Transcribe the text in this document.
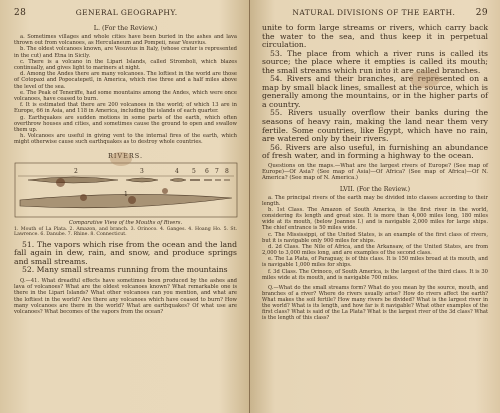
28	GENERAL GEOGRAPHY.
L. (For the Review.)

a. Sometimes villages and whole cities have been buried in the ashes and lava thrown out from volcanoes, as Herculaneum and Pompeii, near Vesuvius.

b. The oldest volcanoes known, are Vesuvius in Italy, (whose crater is represented in the cut) and Etna in Sicily.

c. There is a volcano in the Lipari Islands, called Stromboli, which blazes continually, and gives light to mariners at night.

d. Among the Andes there are many volcanoes. The loftiest in the world are those of Cotopaxi and Popocatepetl, in America, which rise three and a half miles above the level of the sea.

e. The Peak of Teneriffe, had some mountains among the Andes, which were once volcanoes, have ceased to burn.

f. It is estimated that there are 200 volcanoes in the world; of which 13 are in Europe, 66 in Asia, and 118 in America, including the islands of each quarter.

g. Earthquakes are sudden motions in some parts of the earth, which often overthrow houses and cities, and sometimes cause the ground to open and swallow them up.

h. Volcanoes are useful in giving vent to the internal fires of the earth, which might otherwise cause such earthquakes as to destroy whole countries.

RIVERS.
2	3	4 5 6 7 8
1
Comparative View of the Mouths of Rivers.

1. Mouth of La Plata. 2. Amazon, and branch. 3. Orinoco. 4. Ganges. 4. Hoang Ho. 5. St. Lawrence. 6. Danube. 7. Rhine. 8. Connecticut.

51. The vapors which rise from the ocean and the land fall again in dew, rain, and snow, and produce springs and small streams.

52. Many small streams running from the mountains

Q.—41. What dreadful effects have sometimes been produced by the ashes and lava of volcanoes? What are the oldest volcanoes known? What remarkable one is there in the Lipari Islands? What other volcanoes can you mention, and what are the loftiest in the world? Are there any volcanoes which have ceased to burn? How many volcanoes are there in the world? What are earthquakes? Of what use are volcanoes? What becomes of the vapors from the ocean?

NATURAL DIVISIONS OF THE EARTH. 29

unite to form large streams or rivers, which carry back the water to the sea, and thus keep it in perpetual circulation.

53. The place from which a river runs is called its source; the place where it empties is called its mouth; the small streams which run into it are called branches.

54. Rivers and their branches, are represented on a map by small black lines, smallest at the source, which is generally among the mountains, or in the higher parts of a country.

55. Rivers usually overflow their banks during the seasons of heavy rain, making the land near them very fertile. Some countries, like Egypt, which have no rain, are watered only by their rivers.

56. Rivers are also useful, in furnishing an abundance of fresh water, and in forming a highway to the ocean.

Questions on the maps.—What are the largest rivers of Europe? (See map of Europe)—Of Asia? (See map of Asia)—Of Africa? (See map of Africa)—Of N. America? (See map of N. America.)

LVII. (For the Review.)

a. The principal rivers of the earth may be divided into classes according to their length.

b. 1st Class. The Amazon of South America, is the first river in the world, considering its length and great size. It is more than 4,000 miles long, 180 miles wide at its mouth, (below Joannes I.) and is navigable 2,000 miles for large ships. The chief entrance is 50 miles wide.

c. The Mississippi, of the United States, is an example of the first class of rivers, but it is navigable only 900 miles for ships.

d. 2d Class. The Nile of Africa, and the Arkansaw, of the United States, are from 2,000 to 3,000 miles long, and are examples of the second class.

e. The La Plata, of Paraguay, is of this class. It is 150 miles broad at its mouth, and is navigable 1,000 miles for ships.

f. 3d Class. The Orinoco, of South America, is the largest of the third class. It is 30 miles wide at its mouth, and is navigable 700 miles.

Q.—What do the small streams form? What do you mean by the source, mouth, and branches of a river? Where do rivers usually arise? How do rivers affect the earth? What makes the soil fertile? How many rivers be divided? What is the largest river in the world? What is its length, and how far is it navigable? What other examples of the first class? What is said of the La Plata? What is the largest river of the 3d class? What is the length of this class?
